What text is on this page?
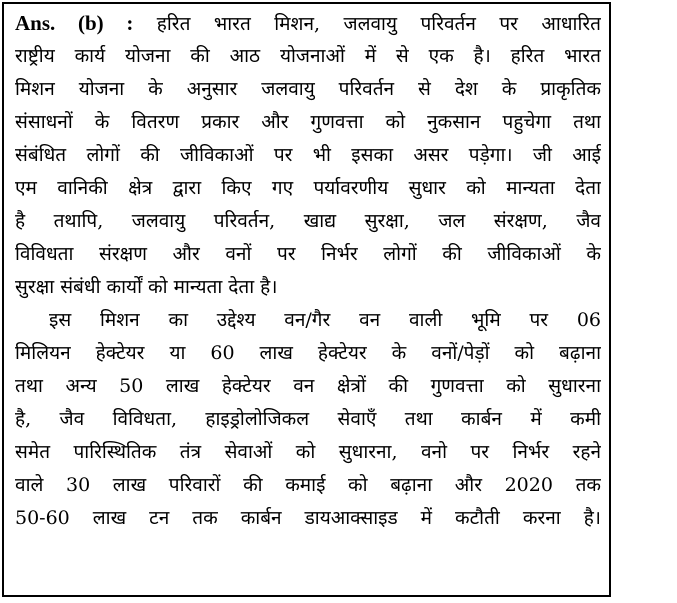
Ans. (b) : हरित भारत मिशन, जलवायु परिवर्तन पर आधारित
राष्ट्रीय कार्य योजना की आठ योजनाओं में से एक है। हरित भारत
मिशन योजना के अनुसार जलवायु परिवर्तन से देश के प्राकृतिक
संसाधनों के वितरण प्रकार और गुणवत्ता को नुकसान पहुचेगा तथा
संबंधित लोगों की जीविकाओं पर भी इसका असर पड़ेगा। जी आई
एम वानिकी क्षेत्र द्वारा किए गए पर्यावरणीय सुधार को मान्यता देता
है तथापि, जलवायु परिवर्तन, खाद्य सुरक्षा, जल संरक्षण, जैव
विविधता संरक्षण और वनों पर निर्भर लोगों की जीविकाओं के
सुरक्षा संबंधी कार्यों को मान्यता देता है।
इस मिशन का उद्देश्य वन/गैर वन वाली भूमि पर 06
मिलियन हेक्टेयर या 60 लाख हेक्टेयर के वनों/पेड़ों को बढ़ाना
तथा अन्य 50 लाख हेक्टेयर वन क्षेत्रों की गुणवत्ता को सुधारना
है, जैव विविधता, हाइड्रोलोजिकल सेवाएँ तथा कार्बन में कमी
समेत पारिस्थितिक तंत्र सेवाओं को सुधारना, वनो पर निर्भर रहने
वाले 30 लाख परिवारों की कमाई को बढ़ाना और 2020 तक
50-60 लाख टन तक कार्बन डायआक्साइड में कटौती करना है।
